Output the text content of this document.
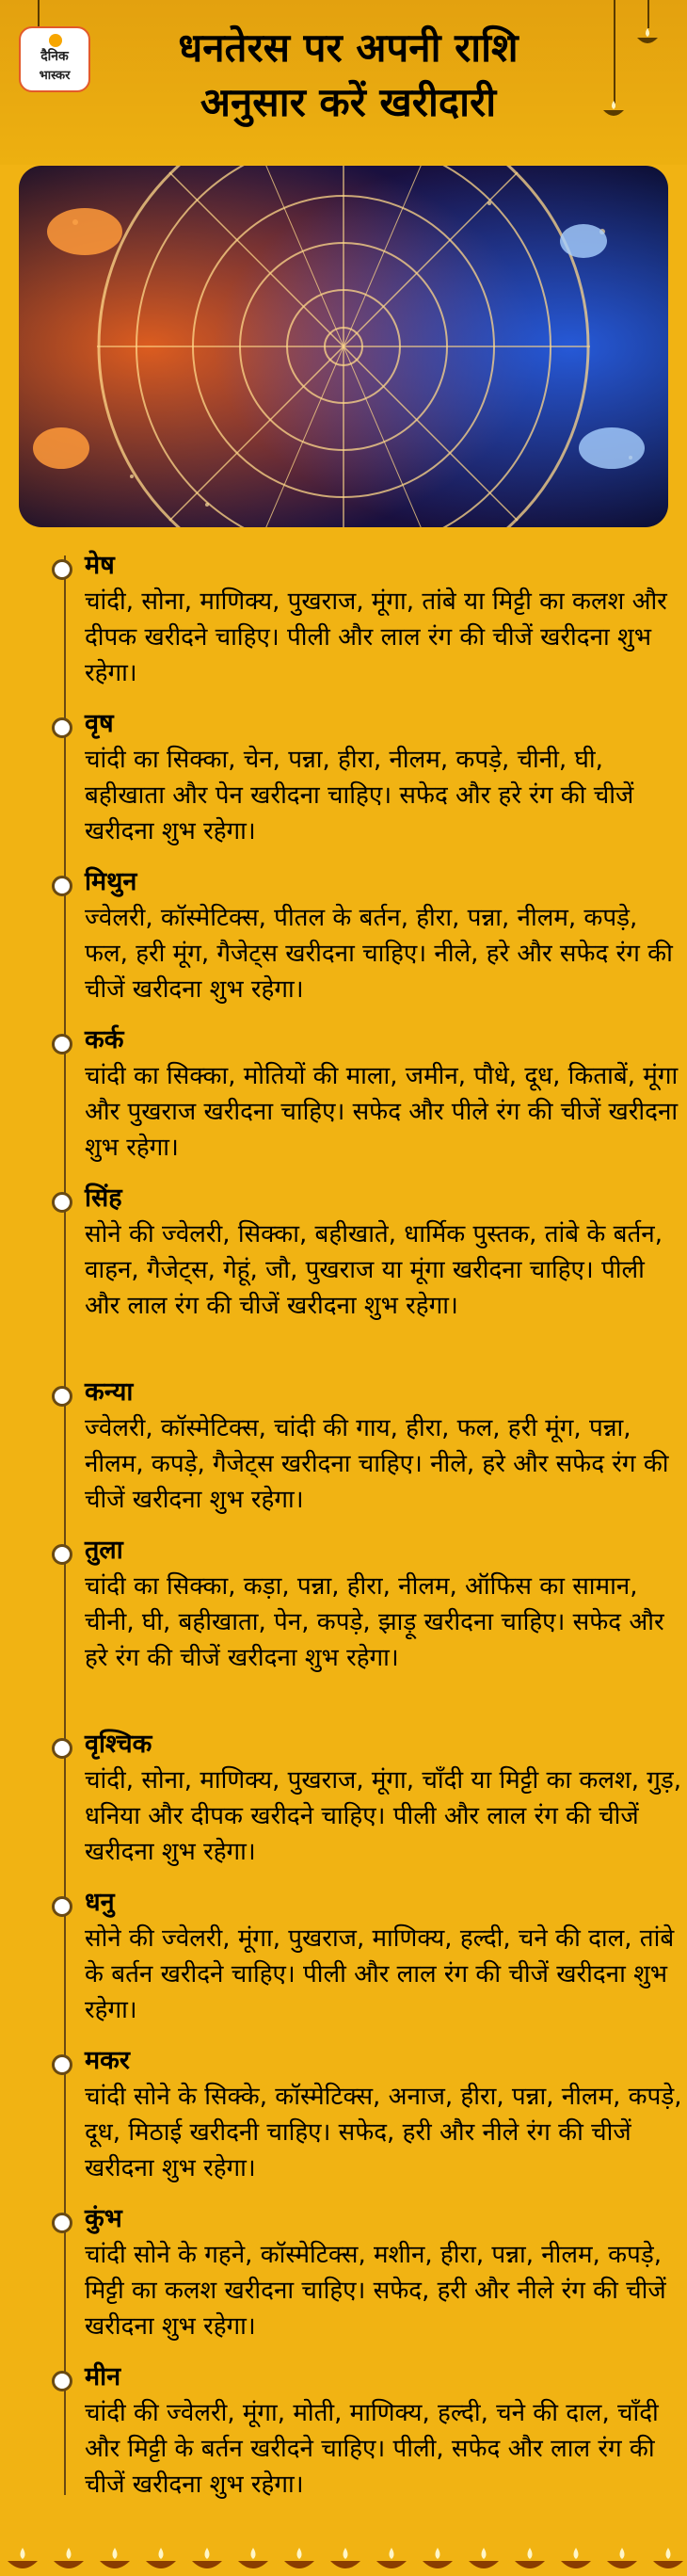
दैनिक
भास्कर
धनतेरस पर अपनी राशि
अनुसार करें खरीदारी
मेष
चांदी, सोना, माणिक्य, पुखराज, मूंगा, तांबे या मिट्टी का कलश और दीपक खरीदने चाहिए। पीली और लाल रंग की चीजें खरीदना शुभ रहेगा।
वृष
चांदी का सिक्का, चेन, पन्ना, हीरा, नीलम, कपड़े, चीनी, घी, बहीखाता और पेन खरीदना चाहिए। सफेद और हरे रंग की चीजें खरीदना शुभ रहेगा।
मिथुन
ज्वेलरी, कॉस्मेटिक्स, पीतल के बर्तन, हीरा, पन्ना, नीलम, कपड़े, फल, हरी मूंग, गैजेट्स खरीदना चाहिए। नीले, हरे और सफेद रंग की चीजें खरीदना शुभ रहेगा।
कर्क
चांदी का सिक्का, मोतियों की माला, जमीन, पौधे, दूध, किताबें, मूंगा और पुखराज खरीदना चाहिए। सफेद और पीले रंग की चीजें खरीदना शुभ रहेगा।
सिंह
सोने की ज्वेलरी, सिक्का, बहीखाते, धार्मिक पुस्तक, तांबे के बर्तन, वाहन, गैजेट्स, गेहूं, जौ, पुखराज या मूंगा खरीदना चाहिए। पीली और लाल रंग की चीजें खरीदना शुभ रहेगा।
कन्या
ज्वेलरी, कॉस्मेटिक्स, चांदी की गाय, हीरा, फल, हरी मूंग, पन्ना, नीलम, कपड़े, गैजेट्स खरीदना चाहिए। नीले, हरे और सफेद रंग की चीजें खरीदना शुभ रहेगा।
तुला
चांदी का सिक्का, कड़ा, पन्ना, हीरा, नीलम, ऑफिस का सामान, चीनी, घी, बहीखाता, पेन, कपड़े, झाड़ू खरीदना चाहिए। सफेद और हरे रंग की चीजें खरीदना शुभ रहेगा।
वृश्चिक
चांदी, सोना, माणिक्य, पुखराज, मूंगा, चाँदी या मिट्टी का कलश, गुड़, धनिया और दीपक खरीदने चाहिए। पीली और लाल रंग की चीजें खरीदना शुभ रहेगा।
धनु
सोने की ज्वेलरी, मूंगा, पुखराज, माणिक्य, हल्दी, चने की दाल, तांबे के बर्तन खरीदने चाहिए। पीली और लाल रंग की चीजें खरीदना शुभ रहेगा।
मकर
चांदी सोने के सिक्के, कॉस्मेटिक्स, अनाज, हीरा, पन्ना, नीलम, कपड़े, दूध, मिठाई खरीदनी चाहिए। सफेद, हरी और नीले रंग की चीजें खरीदना शुभ रहेगा।
कुंभ
चांदी सोने के गहने, कॉस्मेटिक्स, मशीन, हीरा, पन्ना, नीलम, कपड़े, मिट्टी का कलश खरीदना चाहिए। सफेद, हरी और नीले रंग की चीजें खरीदना शुभ रहेगा।
मीन
चांदी की ज्वेलरी, मूंगा, मोती, माणिक्य, हल्दी, चने की दाल, चाँदी और मिट्टी के बर्तन खरीदने चाहिए। पीली, सफेद और लाल रंग की चीजें खरीदना शुभ रहेगा।
